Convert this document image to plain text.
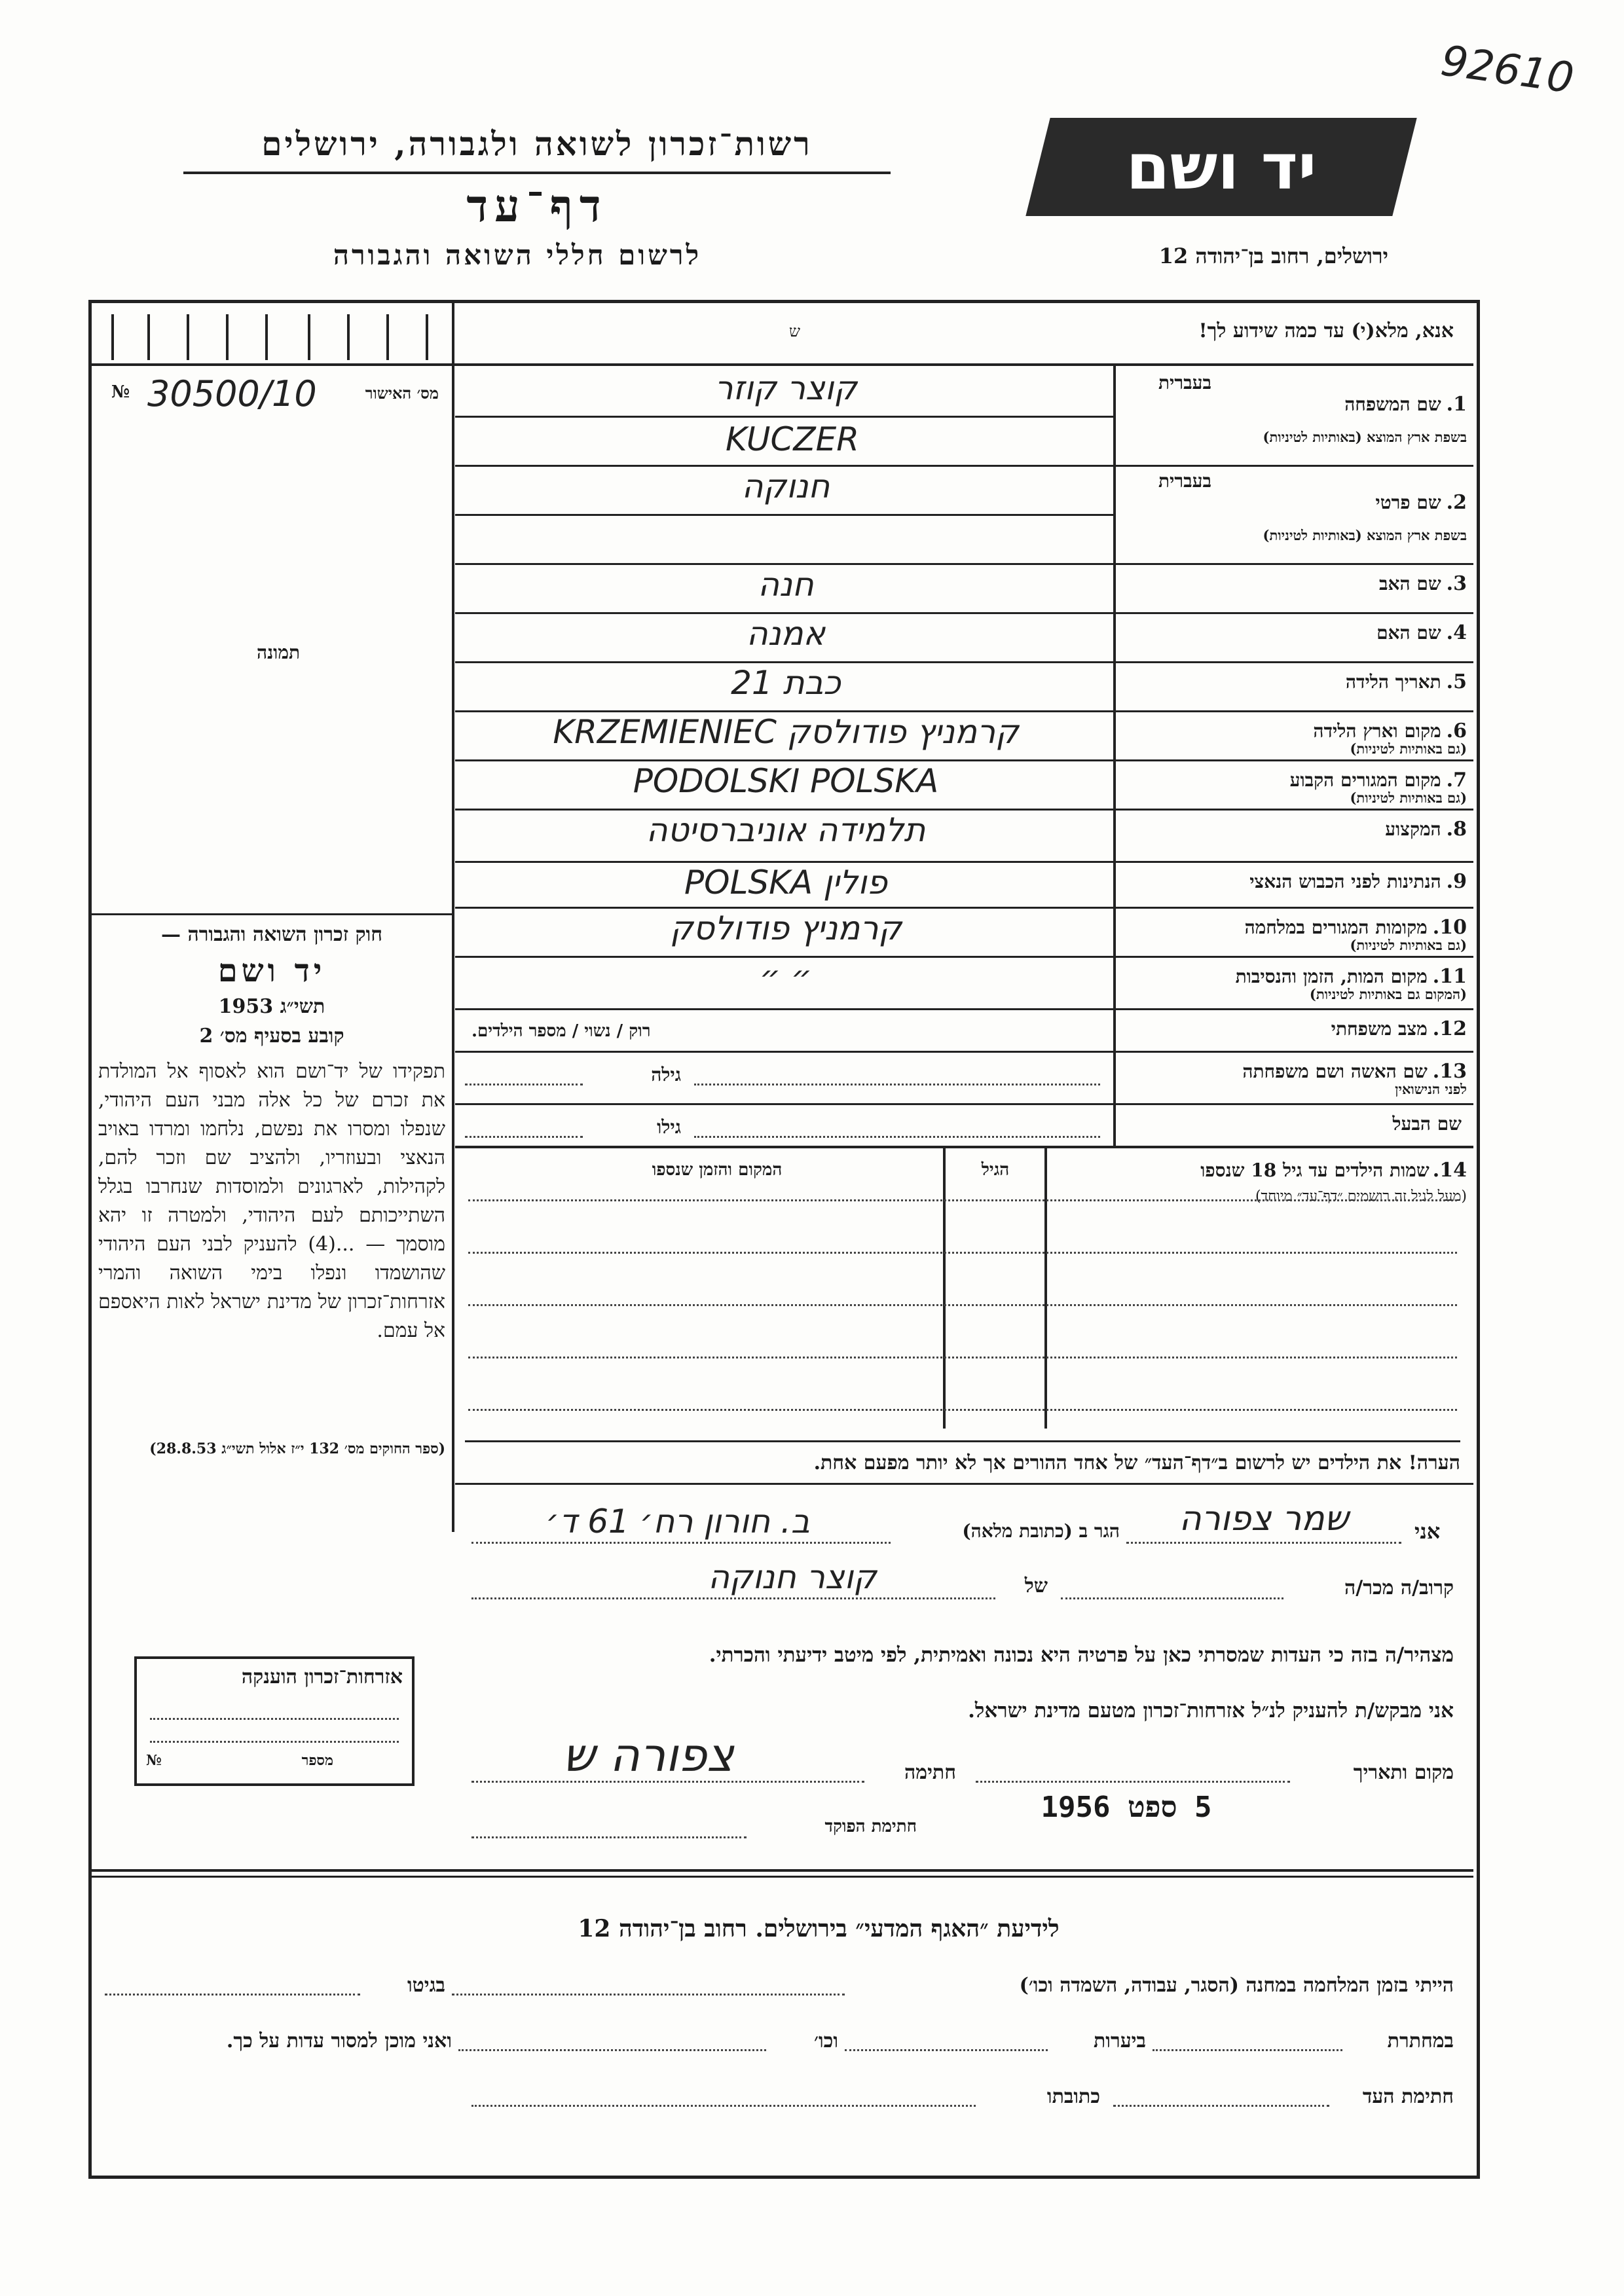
92610
רשות־זכרון לשואה ולגבורה, ירושלים
דף־עד
לרשום חללי השואה והגבורה
יד ושם
ירושלים, רחוב בן־יהודה 12
אנא, מלא(י) עד כמה שידוע לך!
ש
№ 30500/10	מס׳ האישור
תמונה
חוק זכרון השואה והגבורה —
יד ושם
תשי״ג 1953
קובע בסעיף מס׳ 2
תפקידו של יד־ושם הוא לאסוף אל המולדת את זכרם של כל אלה מבני העם היהודי, שנפלו ומסרו את נפשם, נלחמו ומרדו באויב הנאצי ובעוזריו, ולהציב שם וזכר להם, לקהילות, לארגונים ולמוסדות שנחרבו בגלל השתייכותם לעם היהודי, ולמטרה זו יהא מוסמך — ...(4) להעניק לבני העם היהודי שהושמדו ונפלו בימי השואה והמרי אזרחות־זכרון של מדינת ישראל לאות היאספם אל עמם.
(ספר החוקים מס׳ 132 י״ז אלול תשי״ג 28.8.53)
אזרחות־זכרון הוענקה
№	מספר
1.שם המשפחה
בשפת ארץ המוצא (באותיות לטיניות)
בעברית
קוצר קוזר
KUCZER
2.שם פרטי
בשפת ארץ המוצא (באותיות לטיניות)
בעברית
חנוקה
3.שם האב
חנה
4.שם האם
אמנה
5.תאריך הלידה
כבת 21
6.מקום וארץ הלידה
(גם באותיות לטיניות)
קרמניץ פודולסק KRZEMIENIEC
7.מקום המגורים הקבוע
(גם באותיות לטיניות)
PODOLSKI POLSKA
8.המקצוע
תלמידה אוניברסיטה
9.הנתינות לפני הכבוש הנאצי
פולין POLSKA
10.מקומות המגורים במלחמה
(גם באותיות לטיניות)
קרמניץ פודולסק
11.מקום המות, הזמן והנסיבות
(המקום גם באותיות לטיניות)
״ ״
12.מצב משפחתי
רוק / נשוי / מספר הילדים.
13.שם האשה ושם משפחתה
לפני הנישואין
גילה
שם הבעל
גילו
14. שמות הילדים עד גיל 18 שנספו
(מעל לגיל זה רושמים ״דף־עד״ מיוחד)
הגיל
המקום והזמן שנספו
הערה! את הילדים יש לרשום ב״דף־העד״ של אחד ההורים אך לא יותר מפעם אחת.
אני
שמר צפורה
הגר ב (כתובת מלאה)
ב. חורון רח׳ 61 ד׳
קרוב/ה מכר/ה
של
קוצר חנוקה
מצהיר/ה בזה כי העדות שמסרתי כאן על פרטיה היא נכונה ואמיתית, לפי מיטב ידיעתי והכרתי.
אני מבקש/ת להעניק לנ״ל אזרחות־זכרון מטעם מדינת ישראל.
מקום ותאריך
חתימה
צפורה ש
5 ספט 1956
חתימת הפוקד
לידיעת ״האגף המדעי״ בירושלים. רחוב בן־יהודה 12
הייתי בזמן המלחמה במחנה (הסגר, עבודה, השמדה וכו׳)
בגיטו
במחתרת
ביערות
וכו׳
ואני מוכן למסור עדות על כך.
חתימת העד
כתובתו
